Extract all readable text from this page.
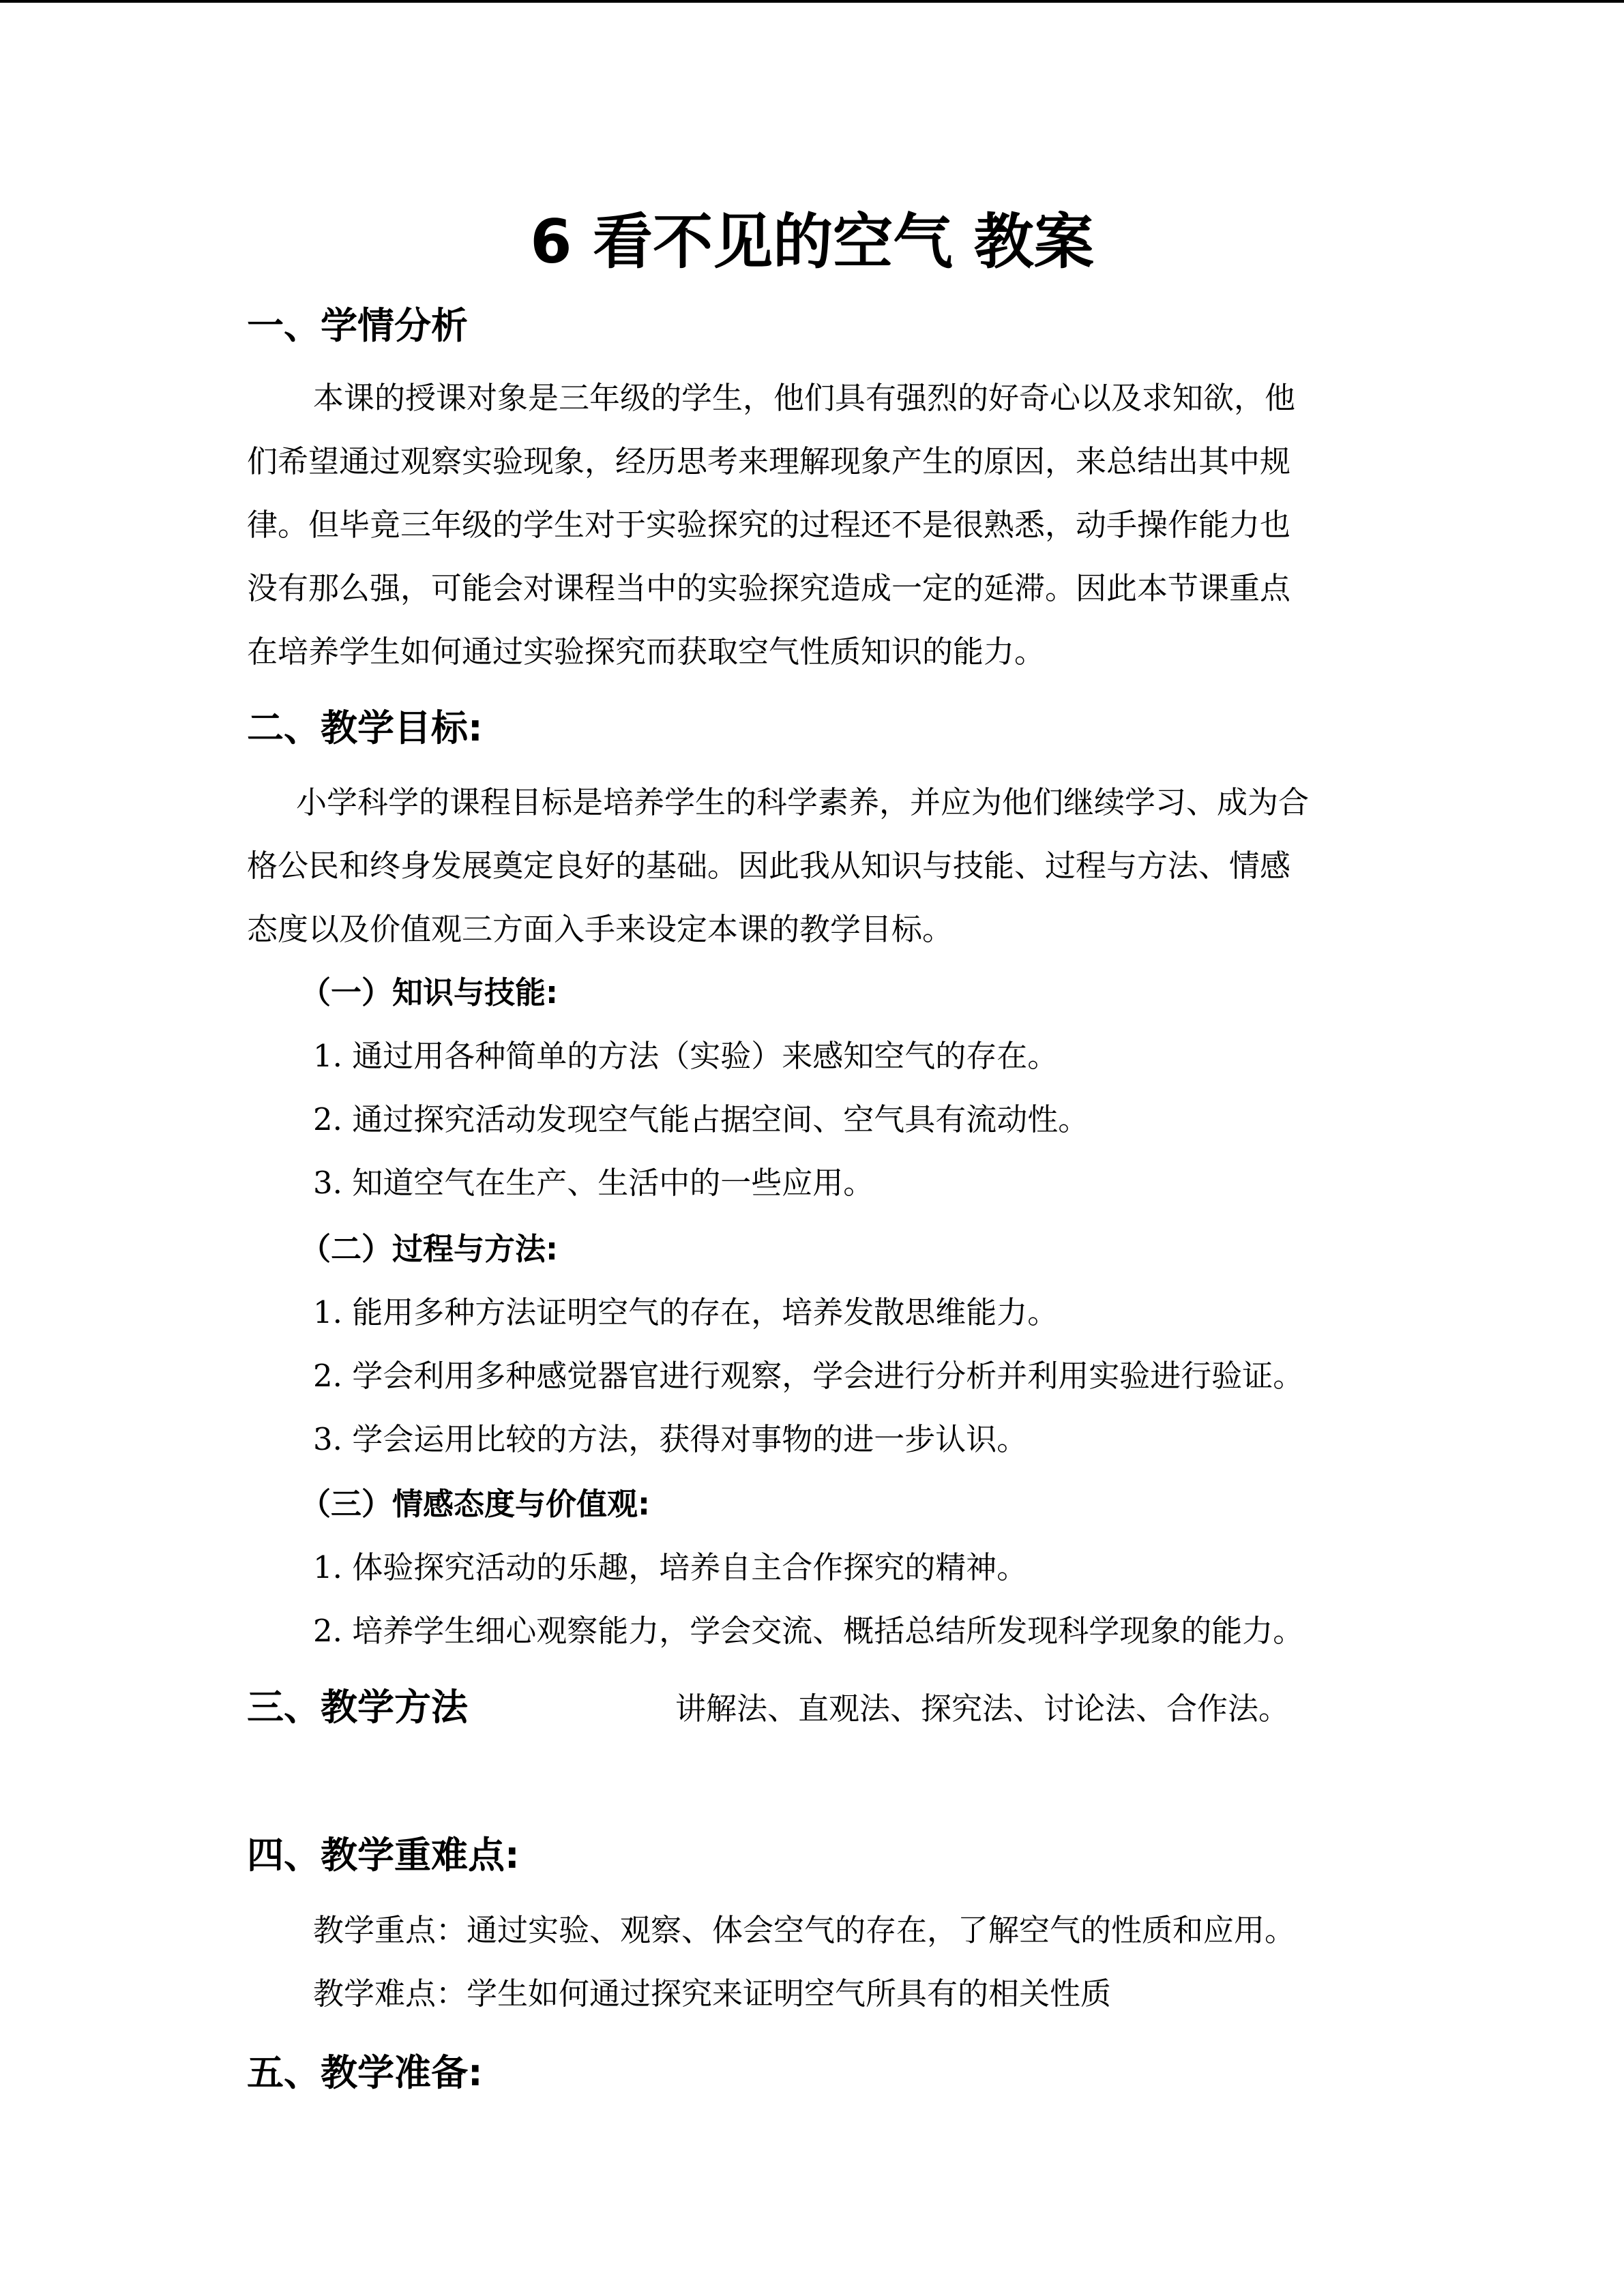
6 看不见的空气 教案
一、学情分析
本课的授课对象是三年级的学生，他们具有强烈的好奇心以及求知欲，他
们希望通过观察实验现象，经历思考来理解现象产生的原因，来总结出其中规
律。但毕竟三年级的学生对于实验探究的过程还不是很熟悉，动手操作能力也
没有那么强，可能会对课程当中的实验探究造成一定的延滞。因此本节课重点
在培养学生如何通过实验探究而获取空气性质知识的能力。
二、教学目标:
小学科学的课程目标是培养学生的科学素养，并应为他们继续学习、成为合
格公民和终身发展奠定良好的基础。因此我从知识与技能、过程与方法、情感
态度以及价值观三方面入手来设定本课的教学目标。
（一）知识与技能:
1. 通过用各种简单的方法（实验）来感知空气的存在。
2. 通过探究活动发现空气能占据空间、空气具有流动性。
3. 知道空气在生产、生活中的一些应用。
（二）过程与方法:
1. 能用多种方法证明空气的存在，培养发散思维能力。
2. 学会利用多种感觉器官进行观察，学会进行分析并利用实验进行验证。
3. 学会运用比较的方法，获得对事物的进一步认识。
（三）情感态度与价值观:
1. 体验探究活动的乐趣，培养自主合作探究的精神。
2. 培养学生细心观察能力，学会交流、概括总结所发现科学现象的能力。
三、教学方法	讲解法、直观法、探究法、讨论法、合作法。
四、教学重难点:
教学重点：通过实验、观察、体会空气的存在，了解空气的性质和应用。
教学难点：学生如何通过探究来证明空气所具有的相关性质
五、教学准备:
